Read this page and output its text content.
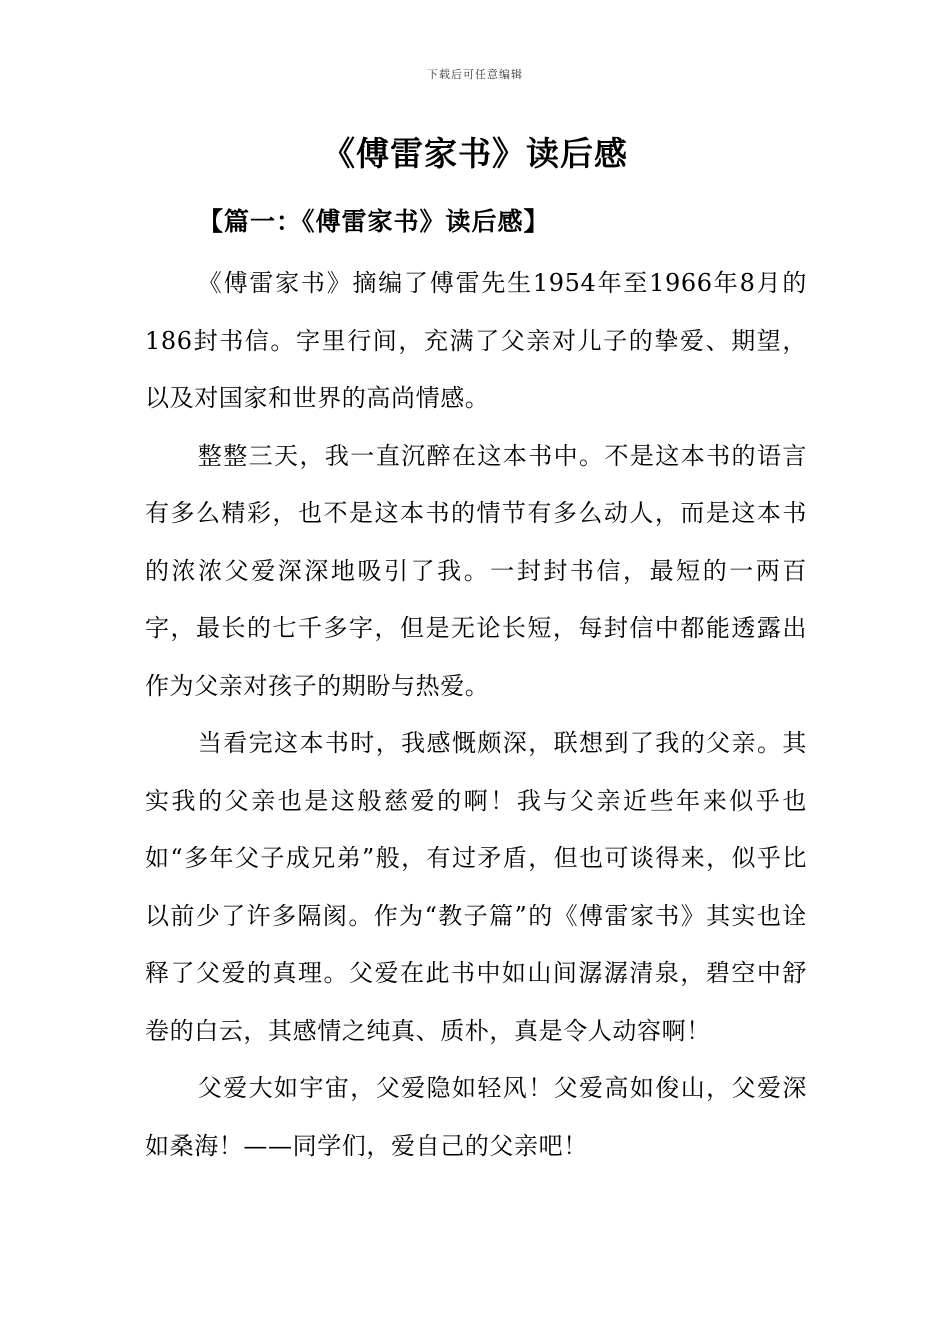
下载后可任意编辑
《傅雷家书》读后感
【篇一：《傅雷家书》读后感】

《傅雷家书》摘编了傅雷先生1954年至1966年8月的186封书信。字里行间，充满了父亲对儿子的挚爱、期望，以及对国家和世界的高尚情感。

整整三天，我一直沉醉在这本书中。不是这本书的语言有多么精彩，也不是这本书的情节有多么动人，而是这本书的浓浓父爱深深地吸引了我。一封封书信，最短的一两百字，最长的七千多字，但是无论长短，每封信中都能透露出作为父亲对孩子的期盼与热爱。

当看完这本书时，我感慨颇深，联想到了我的父亲。其实我的父亲也是这般慈爱的啊！我与父亲近些年来似乎也如“多年父子成兄弟”般，有过矛盾，但也可谈得来，似乎比以前少了许多隔阂。作为“教子篇”的《傅雷家书》其实也诠释了父爱的真理。父爱在此书中如山间潺潺清泉，碧空中舒卷的白云，其感情之纯真、质朴，真是令人动容啊！

父爱大如宇宙，父爱隐如轻风！父爱高如俊山，父爱深如桑海！——同学们，爱自己的父亲吧！
